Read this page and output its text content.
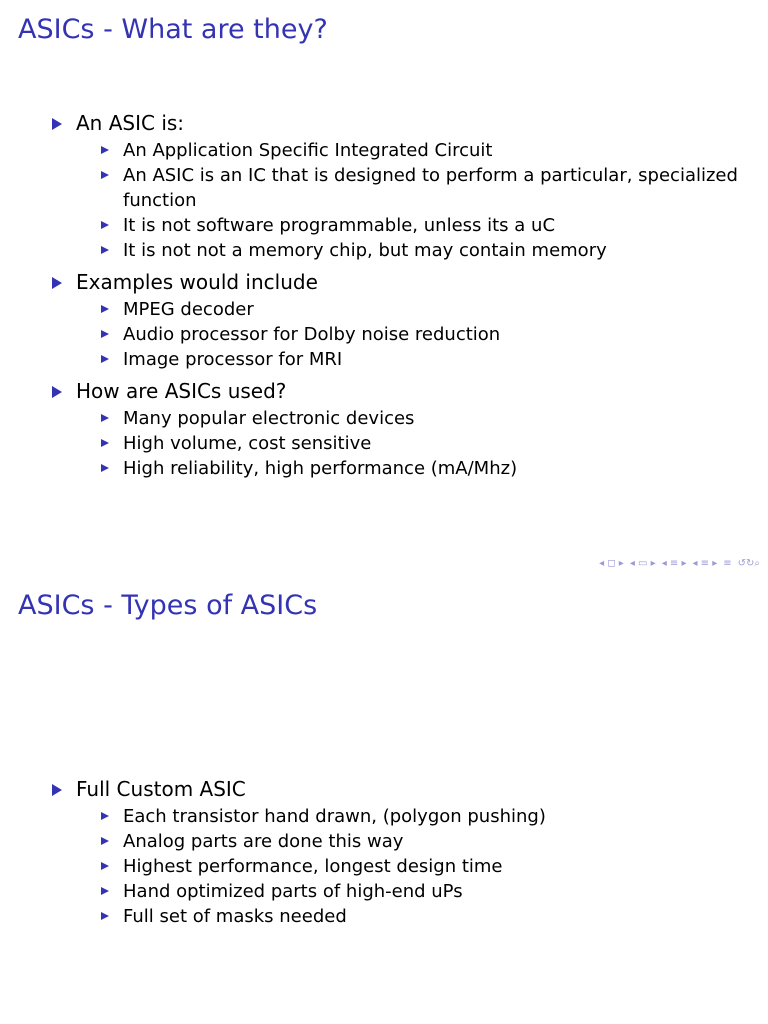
ASICs - What are they?
An ASIC is:
An Application Specific Integrated Circuit
An ASIC is an IC that is designed to perform a particular, specialized function
It is not software programmable, unless its a uC
It is not not a memory chip, but may contain memory
Examples would include
MPEG decoder
Audio processor for Dolby noise reduction
Image processor for MRI
How are ASICs used?
Many popular electronic devices
High volume, cost sensitive
High reliability, high performance (mA/Mhz)
◂ ◻ ▸ ◂ ▭ ▸ ◂ ≡ ▸ ◂ ≡ ▸ ≡ ↺↻⌕
ASICs - Types of ASICs
Full Custom ASIC
Each transistor hand drawn, (polygon pushing)
Analog parts are done this way
Highest performance, longest design time
Hand optimized parts of high-end uPs
Full set of masks needed
